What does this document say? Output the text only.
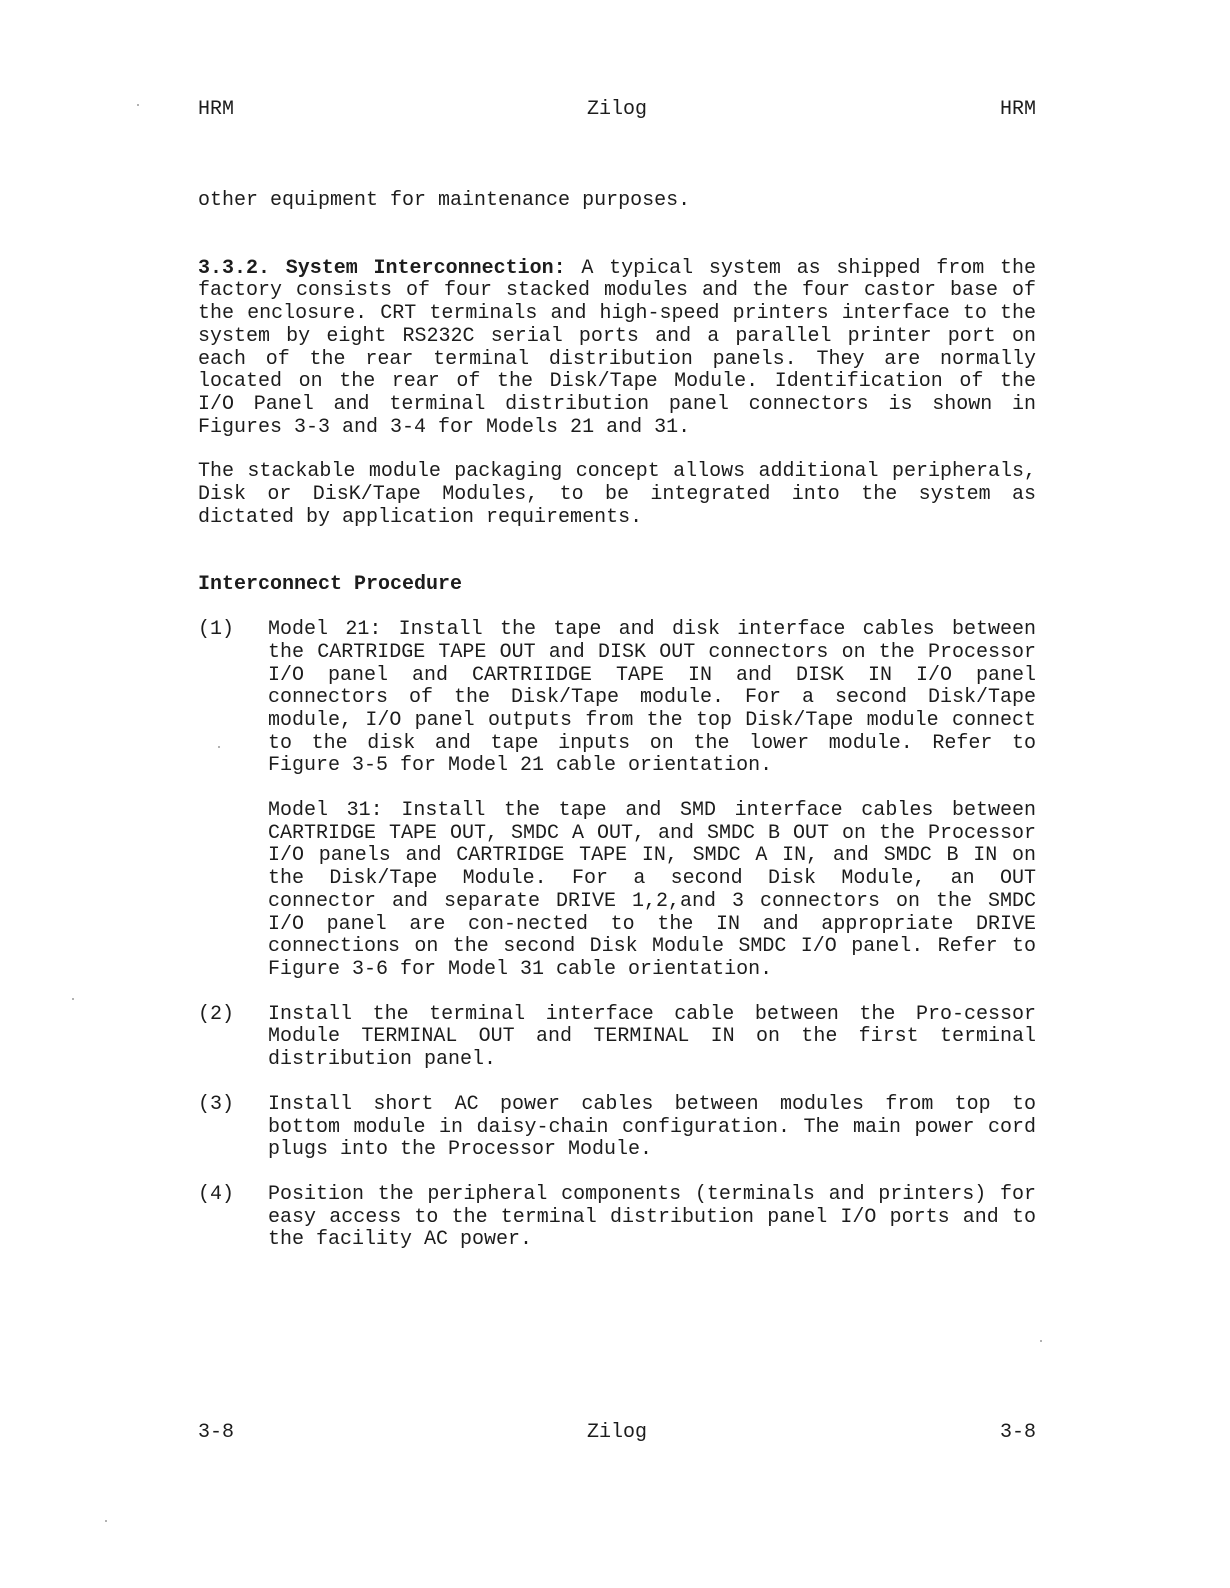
HRM	Zilog	HRM

other equipment for maintenance purposes.

3.3.2. System Interconnection: A typical system as shipped from the factory consists of four stacked modules and the four castor base of the enclosure. CRT terminals and high-speed printers interface to the system by eight RS232C serial ports and a parallel printer port on each of the rear terminal distribution panels. They are normally located on the rear of the Disk/Tape Module. Identification of the I/O Panel and terminal distribution panel connectors is shown in Figures 3-3 and 3-4 for Models 21 and 31.

The stackable module packaging concept allows additional peripherals, Disk or DisK/Tape Modules, to be integrated into the system as dictated by application requirements.

Interconnect Procedure

(1)	Model 21: Install the tape and disk interface cables between the CARTRIDGE TAPE OUT and DISK OUT connectors on the Processor I/O panel and CARTRIIDGE TAPE IN and DISK IN I/O panel connectors of the Disk/Tape module. For a second Disk/Tape module, I/O panel outputs from the top Disk/Tape module connect to the disk and tape inputs on the lower module. Refer to Figure 3-5 for Model 21 cable orientation.

Model 31: Install the tape and SMD interface cables between CARTRIDGE TAPE OUT, SMDC A OUT, and SMDC B OUT on the Processor I/O panels and CARTRIDGE TAPE IN, SMDC A IN, and SMDC B IN on the Disk/Tape Module. For a second Disk Module, an OUT connector and separate DRIVE 1,2,and 3 connectors on the SMDC I/O panel are con-nected to the IN and appropriate DRIVE connections on the second Disk Module SMDC I/O panel. Refer to Figure 3-6 for Model 31 cable orientation.

(2)	Install the terminal interface cable between the Pro-cessor Module TERMINAL OUT and TERMINAL IN on the first terminal distribution panel.

(3)	Install short AC power cables between modules from top to bottom module in daisy-chain configuration. The main power cord plugs into the Processor Module.

(4)	Position the peripheral components (terminals and printers) for easy access to the terminal distribution panel I/O ports and to the facility AC power.

3-8	Zilog	3-8
